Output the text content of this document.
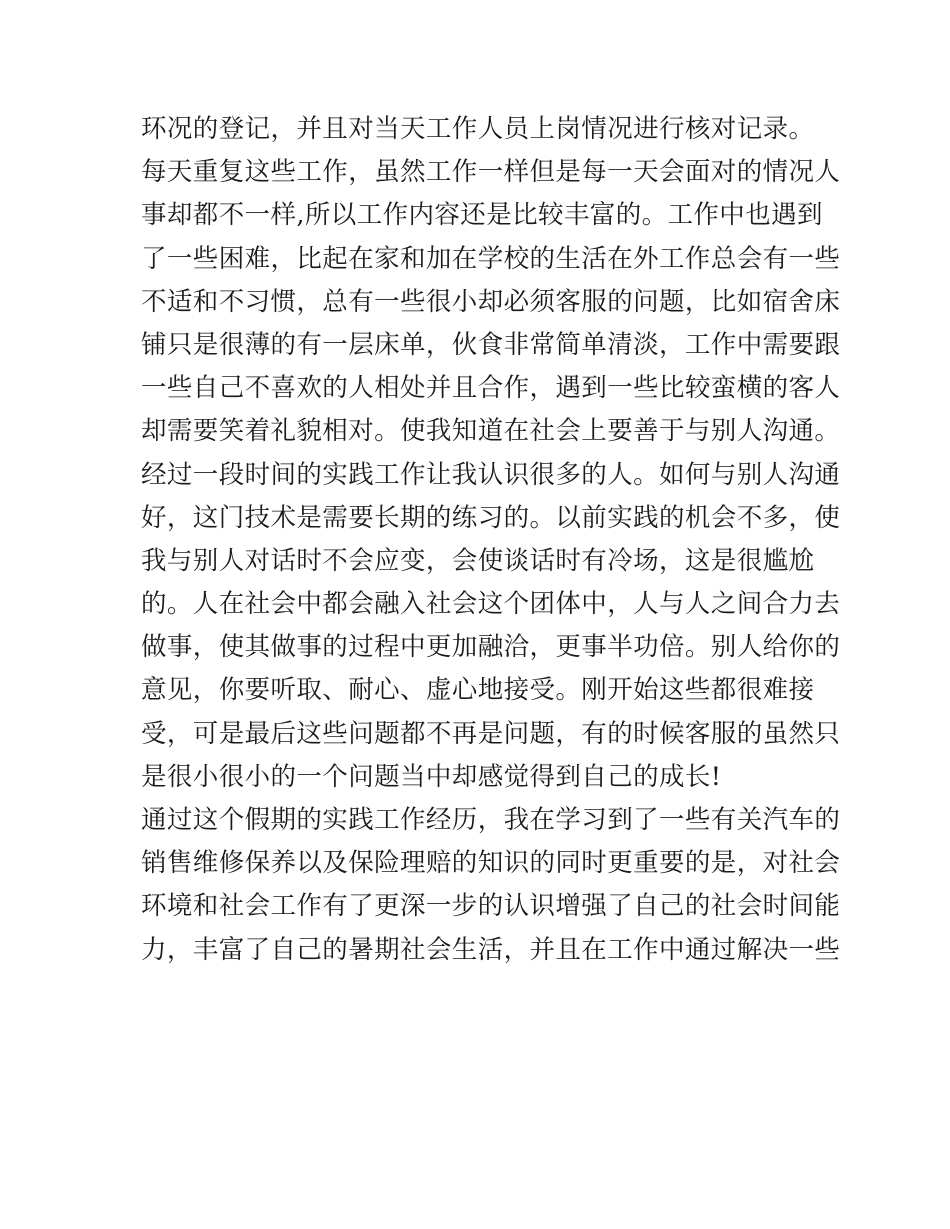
环况的登记，并且对当天工作人员上岗情况进行核对记录。
每天重复这些工作，虽然工作一样但是每一天会面对的情况人
事却都不一样,所以工作内容还是比较丰富的。工作中也遇到
了一些困难，比起在家和加在学校的生活在外工作总会有一些
不适和不习惯，总有一些很小却必须客服的问题，比如宿舍床
铺只是很薄的有一层床单，伙食非常简单清淡，工作中需要跟
一些自己不喜欢的人相处并且合作，遇到一些比较蛮横的客人
却需要笑着礼貌相对。使我知道在社会上要善于与别人沟通。
经过一段时间的实践工作让我认识很多的人。如何与别人沟通
好，这门技术是需要长期的练习的。以前实践的机会不多，使
我与别人对话时不会应变，会使谈话时有冷场，这是很尴尬
的。人在社会中都会融入社会这个团体中，人与人之间合力去
做事，使其做事的过程中更加融洽，更事半功倍。别人给你的
意见，你要听取、耐心、虚心地接受。刚开始这些都很难接
受，可是最后这些问题都不再是问题，有的时候客服的虽然只
是很小很小的一个问题当中却感觉得到自己的成长!
通过这个假期的实践工作经历，我在学习到了一些有关汽车的
销售维修保养以及保险理赔的知识的同时更重要的是，对社会
环境和社会工作有了更深一步的认识增强了自己的社会时间能
力，丰富了自己的暑期社会生活，并且在工作中通过解决一些
